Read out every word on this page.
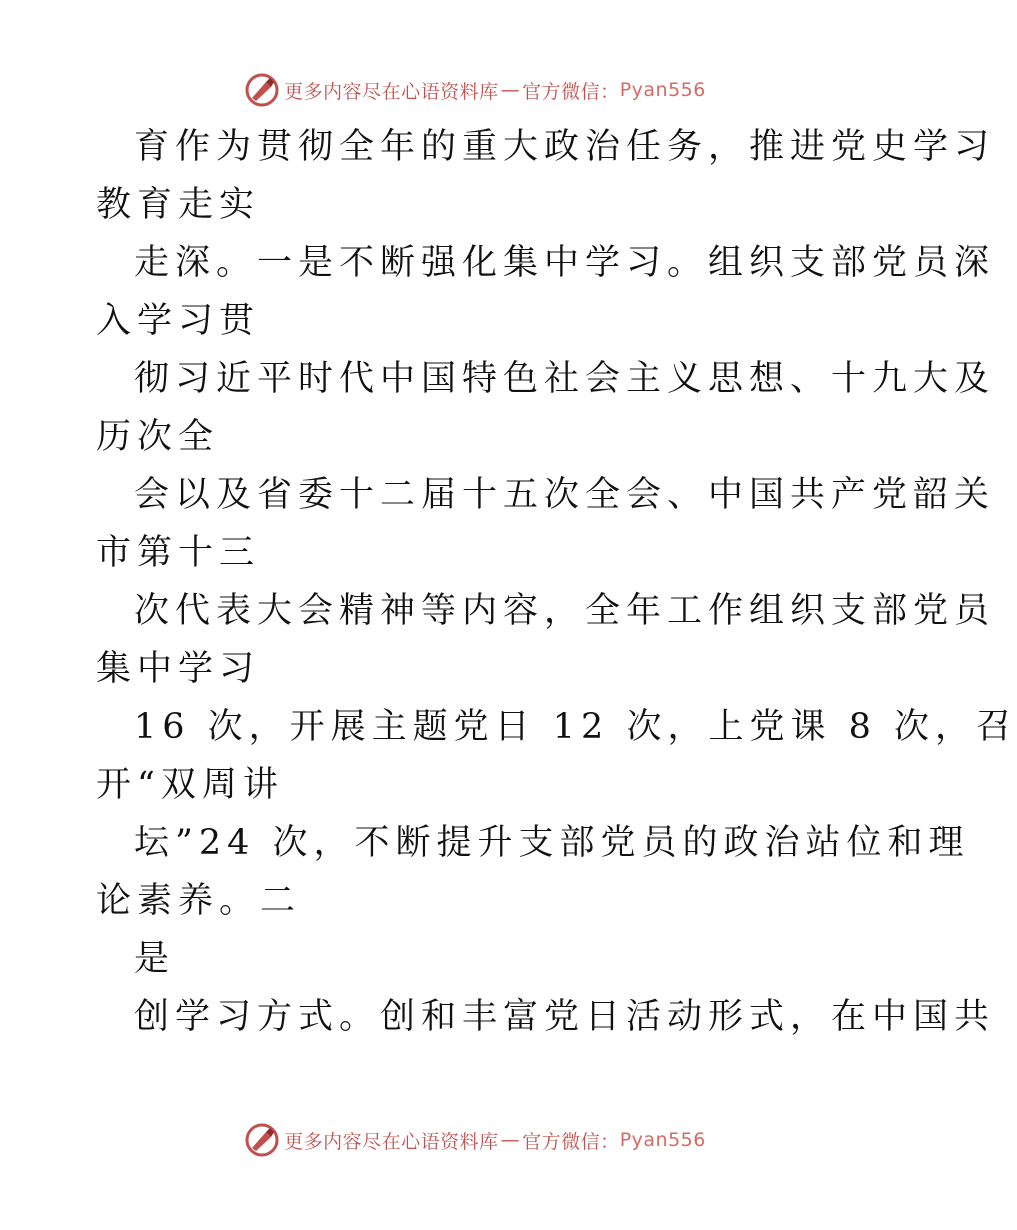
更多内容尽在心语资料库 — 官方微信： Pyan556
育作为贯彻全年的重大政治任务，推进党史学习
教育走实
走深。一是不断强化集中学习。组织支部党员深
入学习贯
彻习近平时代中国特色社会主义思想、十九大及
历次全
会以及省委十二届十五次全会、中国共产党韶关
市第十三
次代表大会精神等内容，全年工作组织支部党员
集中学习
16 次，开展主题党日 12 次，上党课 8 次，召
开“双周讲
坛”24 次，不断提升支部党员的政治站位和理
论素养。二
是
创学习方式。创和丰富党日活动形式，在中国共
更多内容尽在心语资料库 — 官方微信： Pyan556
